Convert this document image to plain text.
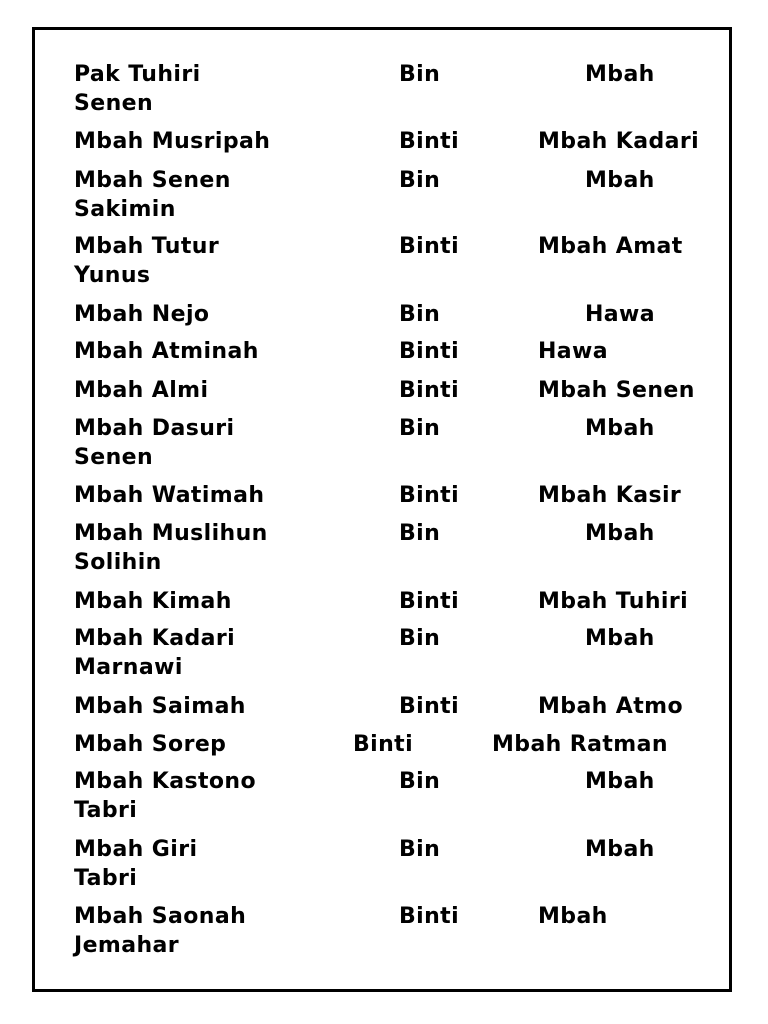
Pak Tuhiri	Bin	Mbah
Senen
Mbah Musripah	Binti	Mbah Kadari
Mbah Senen	Bin	Mbah
Sakimin
Mbah Tutur	Binti	Mbah Amat
Yunus
Mbah Nejo	Bin	Hawa
Mbah Atminah	Binti	Hawa
Mbah Almi	Binti	Mbah Senen
Mbah Dasuri	Bin	Mbah
Senen
Mbah Watimah	Binti	Mbah Kasir
Mbah Muslihun	Bin	Mbah
Solihin
Mbah Kimah	Binti	Mbah Tuhiri
Mbah Kadari	Bin	Mbah
Marnawi
Mbah Saimah	Binti	Mbah Atmo
Mbah Sorep	Binti	Mbah Ratman
Mbah Kastono	Bin	Mbah
Tabri
Mbah Giri	Bin	Mbah
Tabri
Mbah Saonah	Binti	Mbah
Jemahar
